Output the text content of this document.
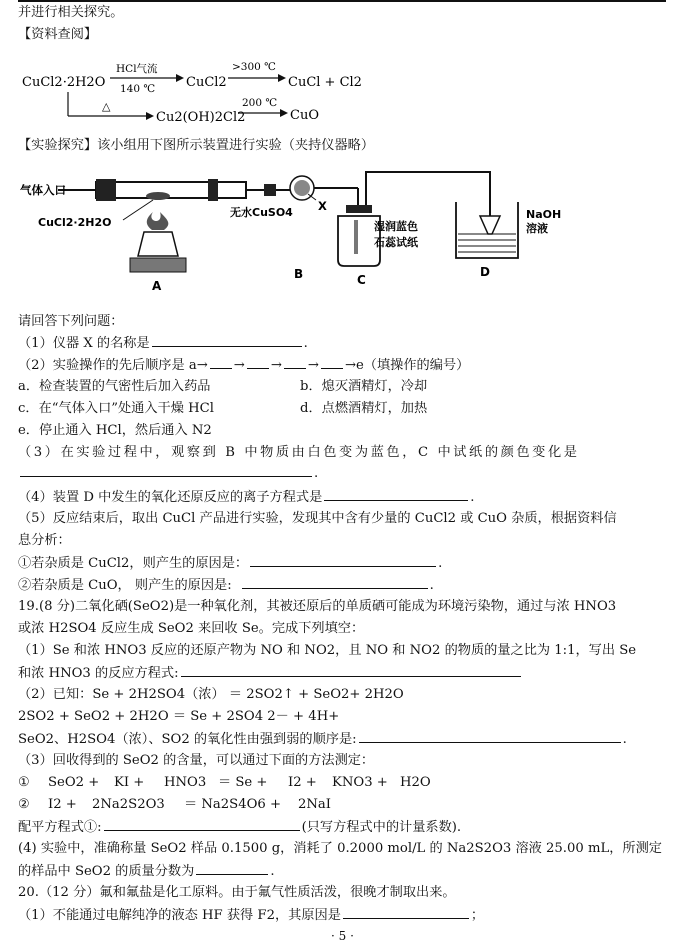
并进行相关探究。
【资料查阅】
CuCl2·2H2O
HCl气流
140 ℃ CuCl2
>300 ℃
CuCl + Cl2
△
Cu2(OH)2Cl2
200 ℃
CuO
【实验探究】该小组用下图所示装置进行实验（夹持仪器略）
气体入口
CuCl2·2H2O
A
无水CuSO4 X
B
湿润蓝色
石蕊试纸
C
NaOH
溶液
D
请回答下列问题：
（1）仪器 X 的名称是	.
（2）实验操作的先后顺序是 a→ → → → →e（填操作的编号）
a．检查装置的气密性后加入药品	b．熄灭酒精灯，冷却
c．在“气体入口”处通入干燥 HCl	d．点燃酒精灯，加热
e．停止通入 HCl，然后通入 N2
（3）在实验过程中，观察到 B 中物质由白色变为蓝色，C 中试纸的颜色变化是
.
（4）装置 D 中发生的氧化还原反应的离子方程式是	.
（5）反应结束后，取出 CuCl 产品进行实验，发现其中含有少量的 CuCl2 或 CuO 杂质，根据资料信
息分析：
①若杂质是 CuCl2，则产生的原因是：	.
②若杂质是 CuO， 则产生的原因是:	.
19.(8 分)二氧化硒(SeO2)是一种氧化剂，其被还原后的单质硒可能成为环境污染物，通过与浓 HNO3
或浓 H2SO4 反应生成 SeO2 来回收 Se。完成下列填空：
（1）Se 和浓 HNO3 反应的还原产物为 NO 和 NO2，且 NO 和 NO2 的物质的量之比为 1:1，写出 Se
和浓 HNO3 的反应方程式:
（2）已知：Se + 2H2SO4（浓） ＝ 2SO2↑ + SeO2+ 2H2O
2SO2 + SeO2 + 2H2O ＝ Se + 2SO4 2－ + 4H+
SeO2、H2SO4（浓）、SO2 的氧化性由强到弱的顺序是:	.
（3）回收得到的 SeO2 的含量，可以通过下面的方法测定：
① SeO2 + KI + HNO3 ＝ Se + I2 + KNO3 + H2O
② I2 + 2Na2S2O3 ＝ Na2S4O6 + 2NaI
配平方程式①:	(只写方程式中的计量系数).
(4) 实验中，准确称量 SeO2 样品 0.1500 g，消耗了 0.2000 mol/L 的 Na2S2O3 溶液 25.00 mL，所测定
的样品中 SeO2 的质量分数为	.
20.（12 分）氟和氟盐是化工原料。由于氟气性质活泼，很晚才制取出来。
（1）不能通过电解纯净的液态 HF 获得 F2，其原因是	；
· 5 ·
